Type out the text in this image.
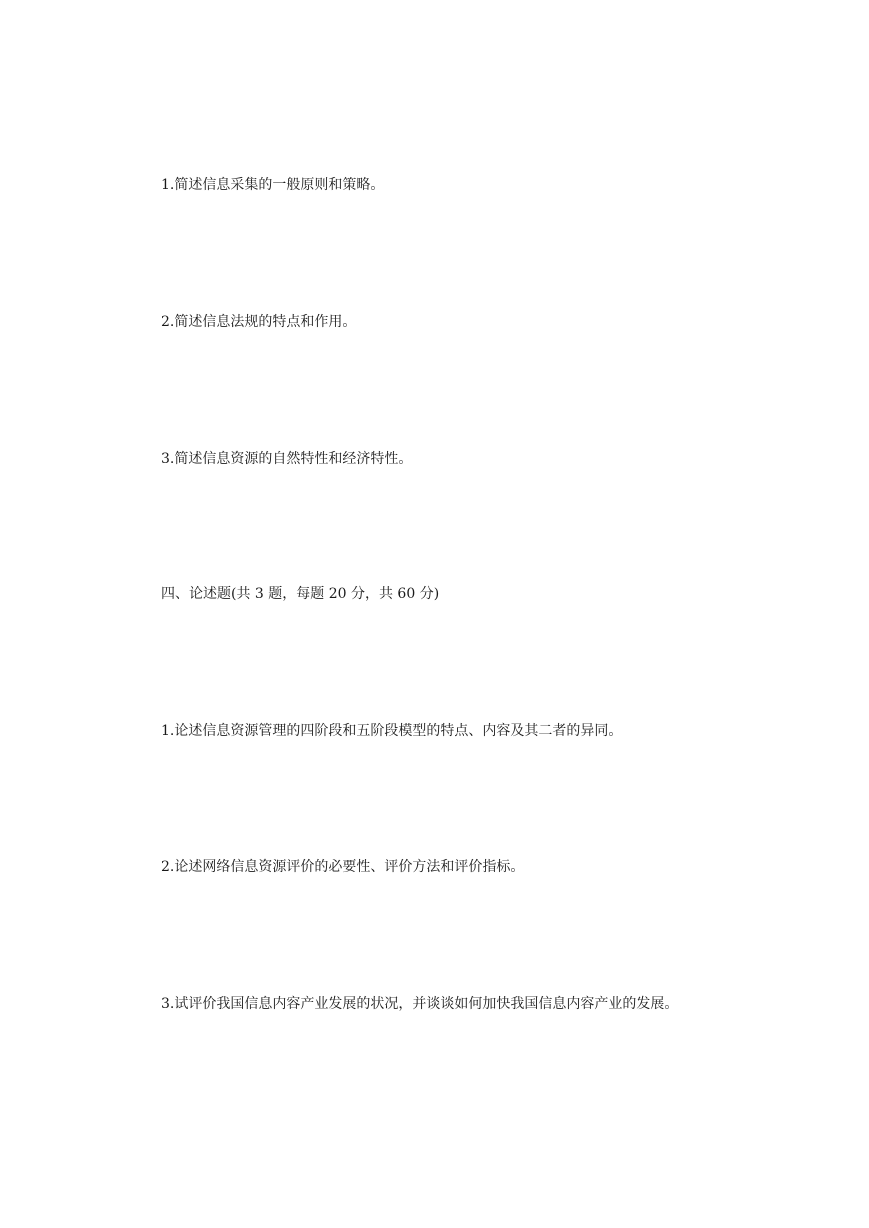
1.简述信息采集的一般原则和策略。
2.简述信息法规的特点和作用。
3.简述信息资源的自然特性和经济特性。
四、论述题(共 3 题，每题 20 分，共 60 分)
1.论述信息资源管理的四阶段和五阶段模型的特点、内容及其二者的异同。
2.论述网络信息资源评价的必要性、评价方法和评价指标。
3.试评价我国信息内容产业发展的状况，并谈谈如何加快我国信息内容产业的发展。
